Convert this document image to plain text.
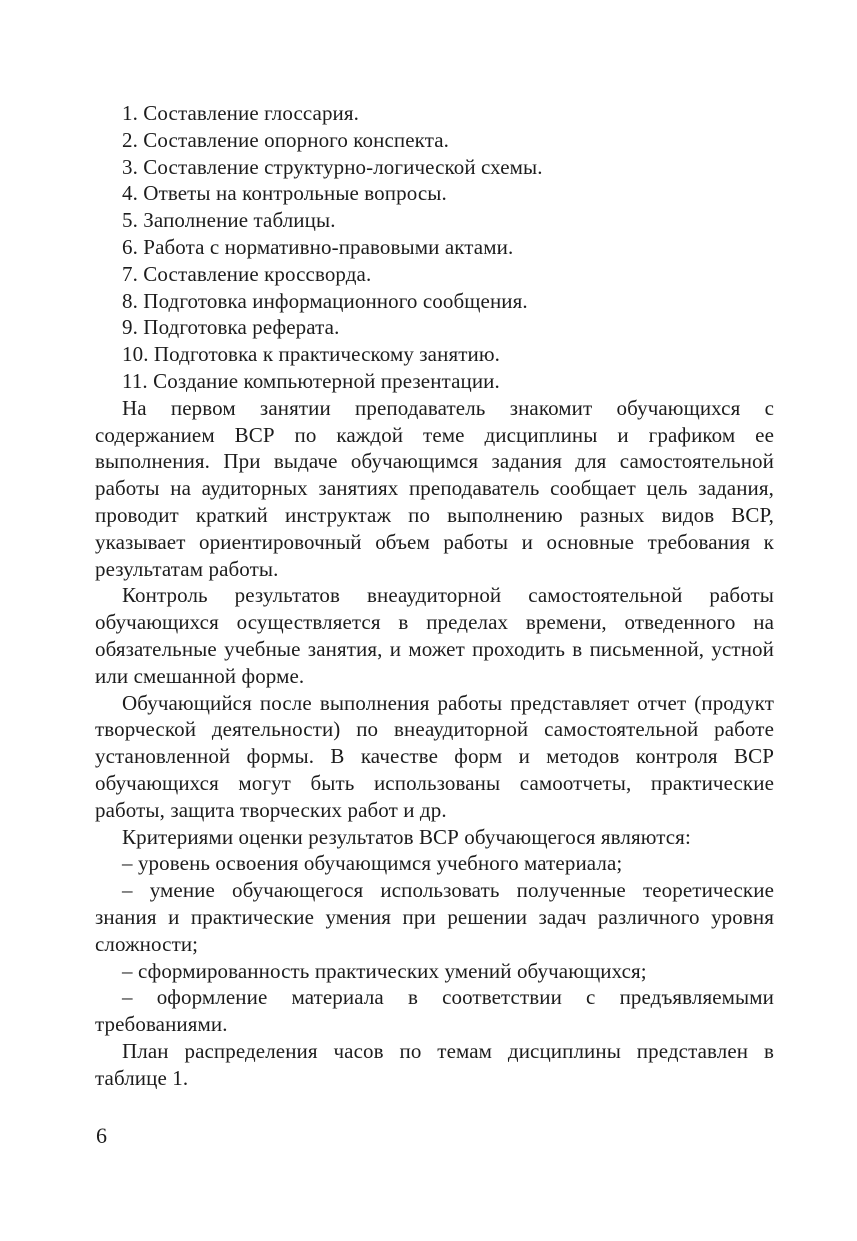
1. Составление глоссария.

2. Составление опорного конспекта.

3. Составление структурно-логической схемы.

4. Ответы на контрольные вопросы.

5. Заполнение таблицы.

6. Работа с нормативно-правовыми актами.

7. Составление кроссворда.

8. Подготовка информационного сообщения.

9. Подготовка реферата.

10. Подготовка к практическому занятию.

11. Создание компьютерной презентации.

На первом занятии преподаватель знакомит обучающихся с содержанием ВСР по каждой теме дисциплины и графиком ее выполнения. При выдаче обучающимся задания для самостоятельной работы на аудиторных занятиях преподаватель сообщает цель задания, проводит краткий инструктаж по выполнению разных видов ВСР, указывает ориентировочный объем работы и основные требования к результатам работы.

Контроль результатов внеаудиторной самостоятельной работы обучающихся осуществляется в пределах времени, отведенного на обязательные учебные занятия, и может проходить в письменной, устной или смешанной форме.

Обучающийся после выполнения работы представляет отчет (продукт творческой деятельности) по внеаудиторной самостоятельной работе установленной формы. В качестве форм и методов контроля ВСР обучающихся могут быть использованы самоотчеты, практические работы, защита творческих работ и др.

Критериями оценки результатов ВСР обучающегося являются:

– уровень освоения обучающимся учебного материала;

– умение обучающегося использовать полученные теоретические знания и практические умения при решении задач различного уровня сложности;

– сформированность практических умений обучающихся;

– оформление материала в соответствии с предъявляемыми требованиями.

План распределения часов по темам дисциплины представлен в таблице 1.

6
